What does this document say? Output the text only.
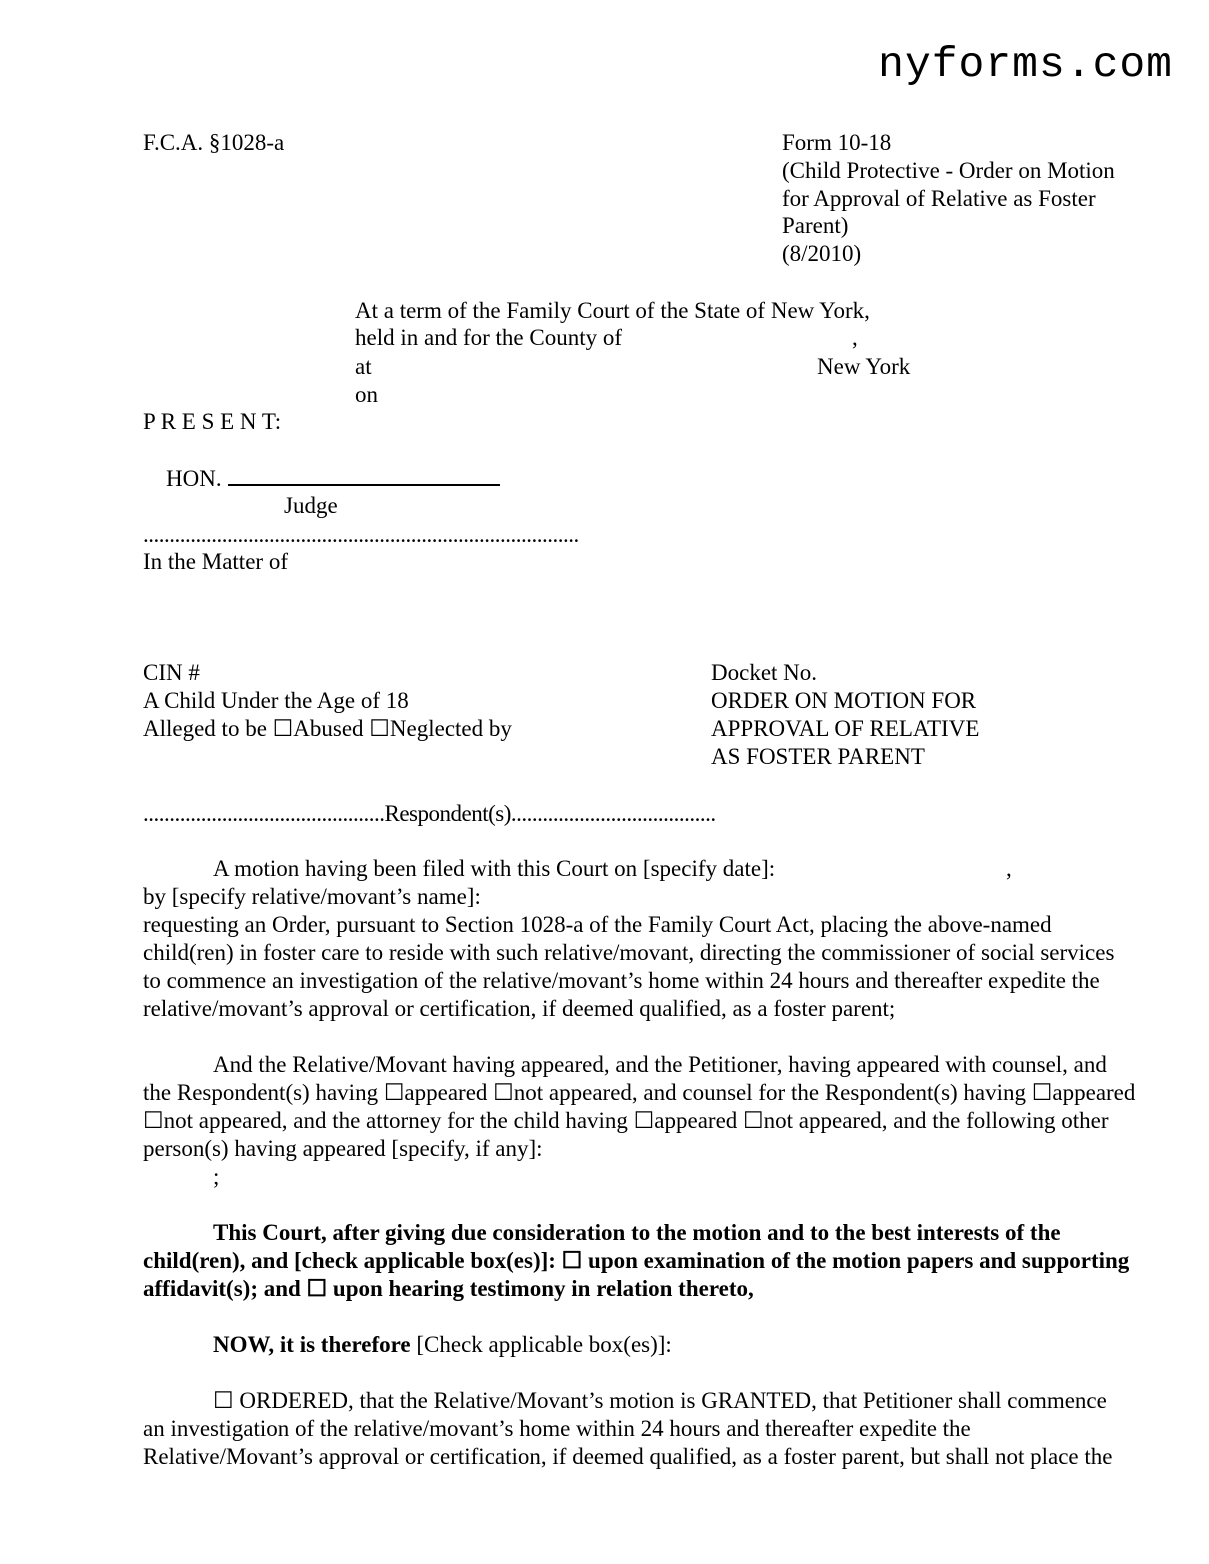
nyforms.com
F.C.A. §1028-a	Form 10-18
(Child Protective - Order on Motion
for Approval of Relative as Foster
Parent)
(8/2010)
At a term of the Family Court of the State of New York,
held in and for the County of	,
at	New York
on
P R E S E N T:
HON.
Judge
...................................................................................
In the Matter of
CIN #
A Child Under the Age of 18
Alleged to be ☐Abused ☐Neglected by
Docket No.
ORDER ON MOTION FOR
APPROVAL OF RELATIVE
AS FOSTER PARENT
..............................................Respondent(s).......................................
A motion having been filed with this Court on [specify date]:	,
by [specify relative/movant’s name]:
requesting an Order, pursuant to Section 1028-a of the Family Court Act, placing the above-named
child(ren) in foster care to reside with such relative/movant, directing the commissioner of social services
to commence an investigation of the relative/movant’s home within 24 hours and thereafter expedite the
relative/movant’s approval or certification, if deemed qualified, as a foster parent;
And the Relative/Movant having appeared, and the Petitioner, having appeared with counsel, and
the Respondent(s) having ☐appeared ☐not appeared, and counsel for the Respondent(s) having ☐appeared
☐not appeared, and the attorney for the child having ☐appeared ☐not appeared, and the following other
person(s) having appeared [specify, if any]:
;
This Court, after giving due consideration to the motion and to the best interests of the
child(ren), and [check applicable box(es)]: ☐ upon examination of the motion papers and supporting
affidavit(s); and ☐ upon hearing testimony in relation thereto,
NOW, it is therefore [Check applicable box(es)]:
☐ ORDERED, that the Relative/Movant’s motion is GRANTED, that Petitioner shall commence
an investigation of the relative/movant’s home within 24 hours and thereafter expedite the
Relative/Movant’s approval or certification, if deemed qualified, as a foster parent, but shall not place the
